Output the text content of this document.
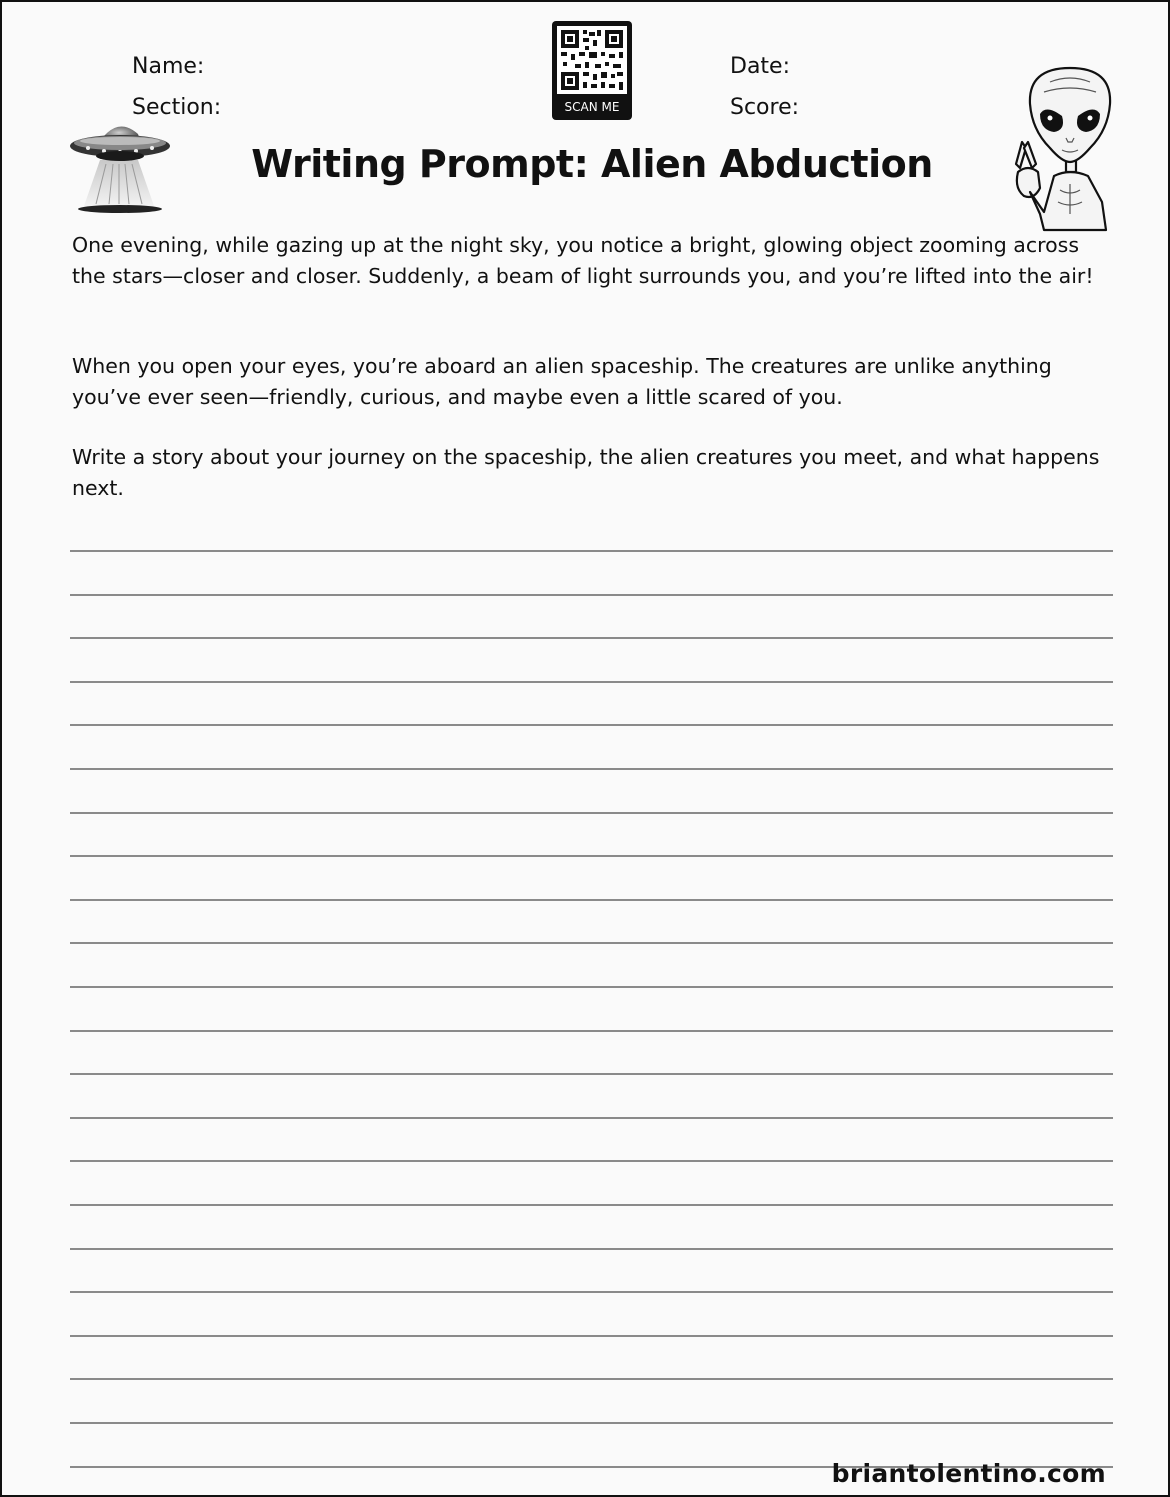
Name:
Section:
Date:
Score:
SCAN ME
Writing Prompt: Alien Abduction

One evening, while gazing up at the night sky, you notice a bright, glowing object zooming across the stars—closer and closer. Suddenly, a beam of light surrounds you, and you’re lifted into the air!

When you open your eyes, you’re aboard an alien spaceship. The creatures are unlike anything you’ve ever seen—friendly, curious, and maybe even a little scared of you.

Write a story about your journey on the spaceship, the alien creatures you meet, and what happens next.

briantolentino.com
